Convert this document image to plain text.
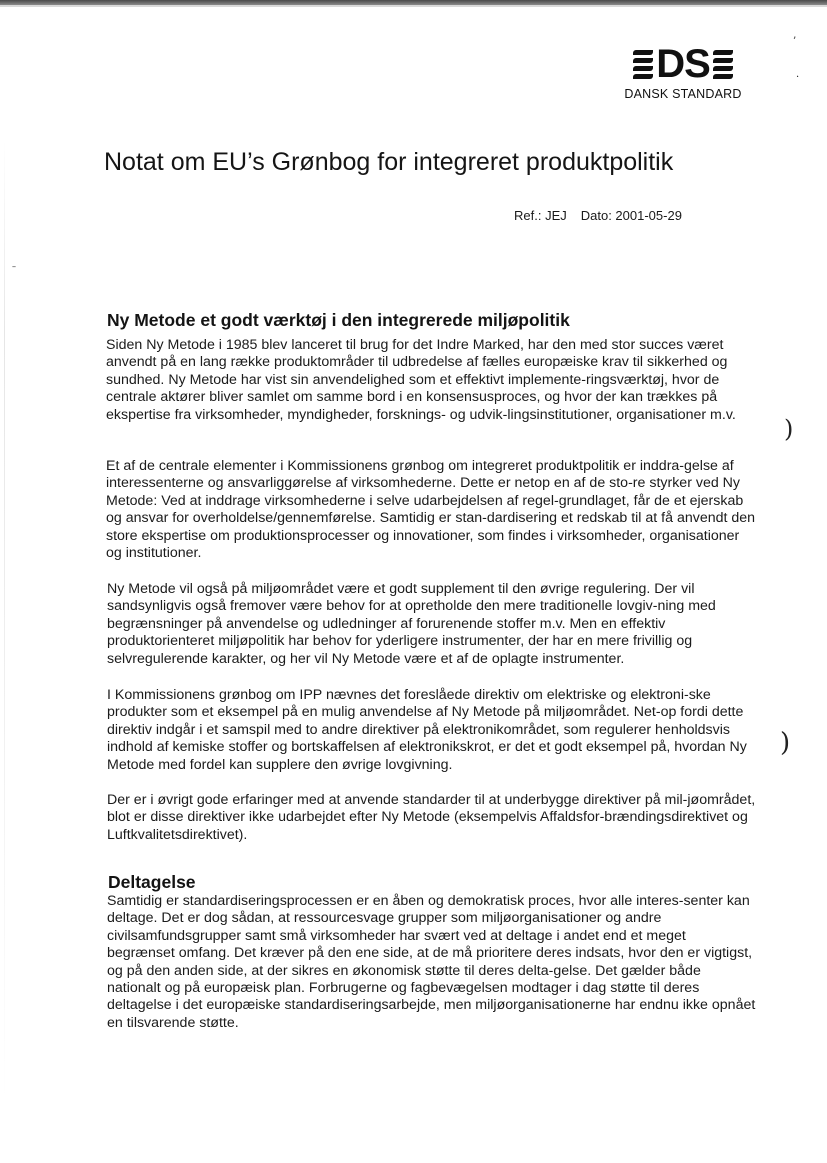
DS
DANSK STANDARD
Notat om EU’s Grønbog for integreret produktpolitik
Ref.: JEJ Dato: 2001-05-29
Ny Metode et godt værktøj i den integrerede miljøpolitik

Siden Ny Metode i 1985 blev lanceret til brug for det Indre Marked, har den med stor succes været anvendt på en lang række produktområder til udbredelse af fælles europæiske krav til sikkerhed og sundhed. Ny Metode har vist sin anvendelighed som et effektivt implemente-ringsværktøj, hvor de centrale aktører bliver samlet om samme bord i en konsensusproces, og hvor der kan trækkes på ekspertise fra virksomheder, myndigheder, forsknings- og udvik-lingsinstitutioner, organisationer m.v.

Et af de centrale elementer i Kommissionens grønbog om integreret produktpolitik er inddra-gelse af interessenterne og ansvarliggørelse af virksomhederne. Dette er netop en af de sto-re styrker ved Ny Metode: Ved at inddrage virksomhederne i selve udarbejdelsen af regel-grundlaget, får de et ejerskab og ansvar for overholdelse/gennemførelse. Samtidig er stan-dardisering et redskab til at få anvendt den store ekspertise om produktionsprocesser og innovationer, som findes i virksomheder, organisationer og institutioner.

Ny Metode vil også på miljøområdet være et godt supplement til den øvrige regulering. Der vil sandsynligvis også fremover være behov for at opretholde den mere traditionelle lovgiv-ning med begrænsninger på anvendelse og udledninger af forurenende stoffer m.v. Men en effektiv produktorienteret miljøpolitik har behov for yderligere instrumenter, der har en mere frivillig og selvregulerende karakter, og her vil Ny Metode være et af de oplagte instrumenter.

I Kommissionens grønbog om IPP nævnes det foreslåede direktiv om elektriske og elektroni-ske produkter som et eksempel på en mulig anvendelse af Ny Metode på miljøområdet. Net-op fordi dette direktiv indgår i et samspil med to andre direktiver på elektronikområdet, som regulerer henholdsvis indhold af kemiske stoffer og bortskaffelsen af elektronikskrot, er det et godt eksempel på, hvordan Ny Metode med fordel kan supplere den øvrige lovgivning.

Der er i øvrigt gode erfaringer med at anvende standarder til at underbygge direktiver på mil-jøområdet, blot er disse direktiver ikke udarbejdet efter Ny Metode (eksempelvis Affaldsfor-brændingsdirektivet og Luftkvalitetsdirektivet).

Deltagelse

Samtidig er standardiseringsprocessen er en åben og demokratisk proces, hvor alle interes-senter kan deltage. Det er dog sådan, at ressourcesvage grupper som miljøorganisationer og andre civilsamfundsgrupper samt små virksomheder har svært ved at deltage i andet end et meget begrænset omfang. Det kræver på den ene side, at de må prioritere deres indsats, hvor den er vigtigst, og på den anden side, at der sikres en økonomisk støtte til deres delta-gelse. Det gælder både nationalt og på europæisk plan. Forbrugerne og fagbevægelsen modtager i dag støtte til deres deltagelse i det europæiske standardiseringsarbejde, men miljøorganisationerne har endnu ikke opnået en tilsvarende støtte.

)
)
’
·
–
